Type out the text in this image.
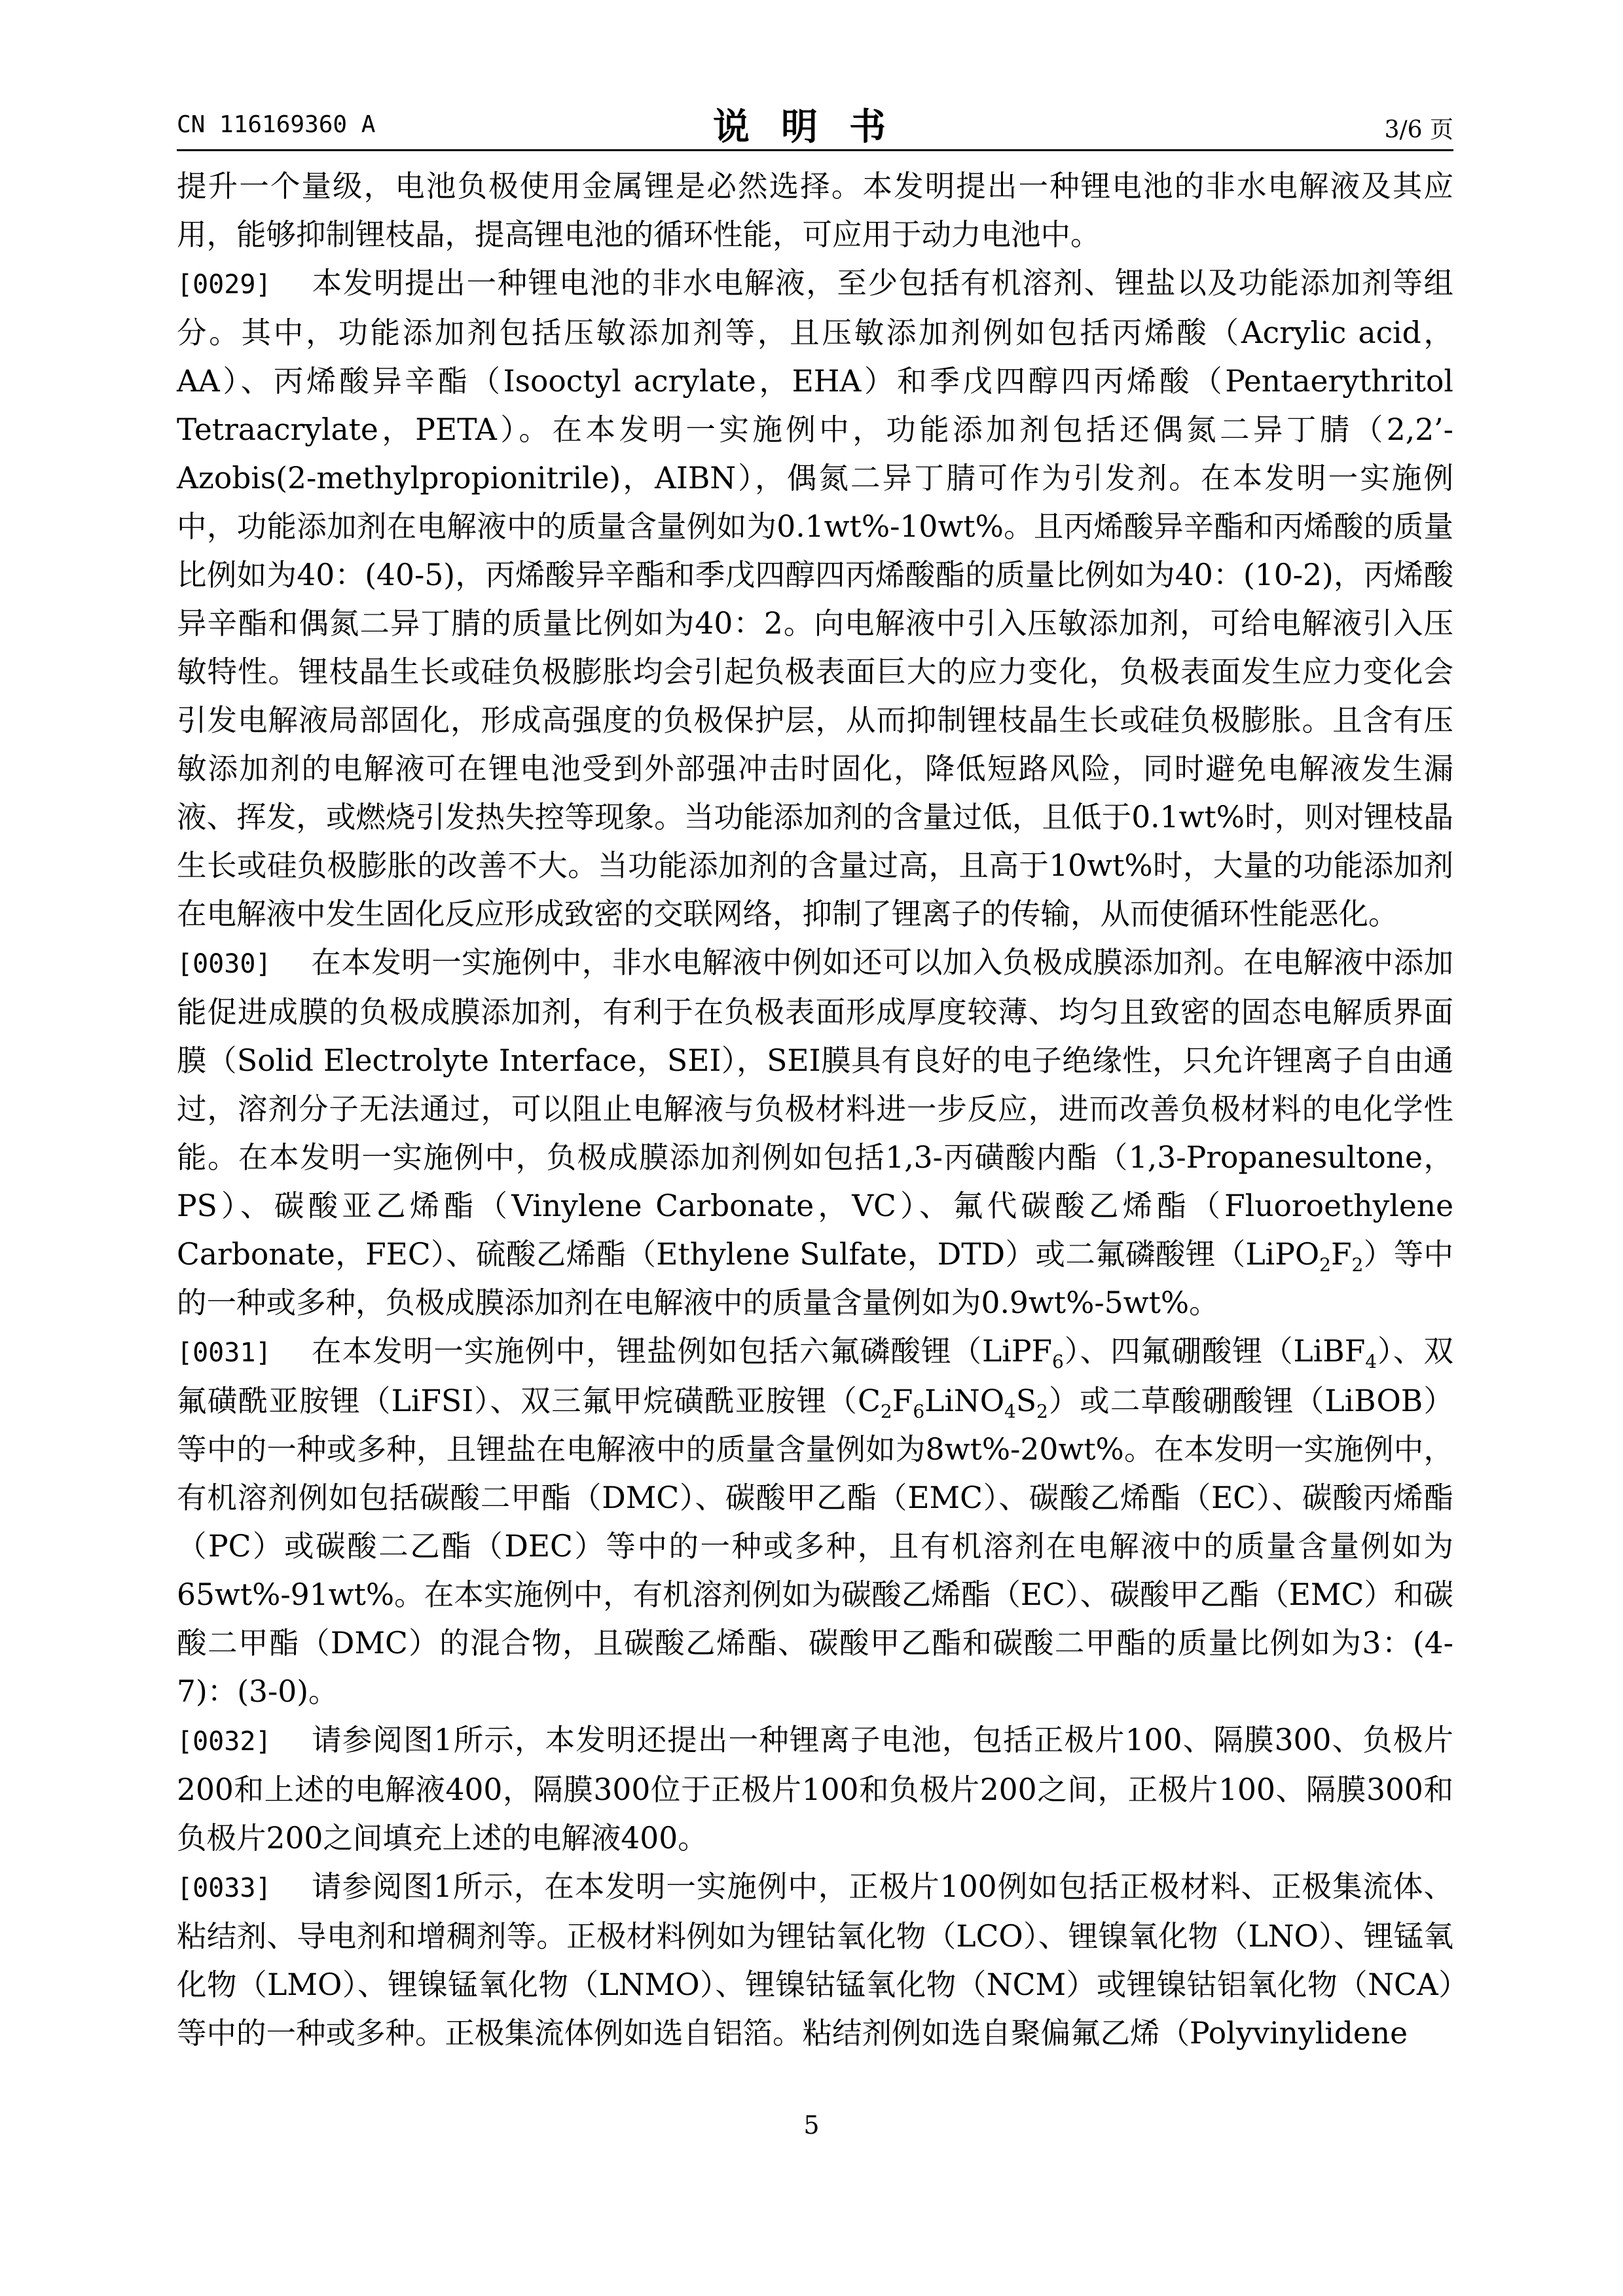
CN 116169360 A	说明书	3/6 页

提升一个量级，电池负极使用金属锂是必然选择。本发明提出一种锂电池的非水电解液及其应用，能够抑制锂枝晶，提高锂电池的循环性能，可应用于动力电池中。

[0029] 本发明提出一种锂电池的非水电解液，至少包括有机溶剂、锂盐以及功能添加剂等组分。其中，功能添加剂包括压敏添加剂等，且压敏添加剂例如包括丙烯酸（Acrylic acid，AA）、丙烯酸异辛酯（Isooctyl acrylate，EHA）和季戊四醇四丙烯酸（Pentaerythritol Tetraacrylate，PETA）。在本发明一实施例中，功能添加剂包括还偶氮二异丁腈（2,2’-Azobis(2-methylpropionitrile)，AIBN），偶氮二异丁腈可作为引发剂。在本发明一实施例中，功能添加剂在电解液中的质量含量例如为0.1wt%-10wt%。且丙烯酸异辛酯和丙烯酸的质量比例如为40：(40-5)，丙烯酸异辛酯和季戊四醇四丙烯酸酯的质量比例如为40：(10-2)，丙烯酸异辛酯和偶氮二异丁腈的质量比例如为40：2。向电解液中引入压敏添加剂，可给电解液引入压敏特性。锂枝晶生长或硅负极膨胀均会引起负极表面巨大的应力变化，负极表面发生应力变化会引发电解液局部固化，形成高强度的负极保护层，从而抑制锂枝晶生长或硅负极膨胀。且含有压敏添加剂的电解液可在锂电池受到外部强冲击时固化，降低短路风险，同时避免电解液发生漏液、挥发，或燃烧引发热失控等现象。当功能添加剂的含量过低，且低于0.1wt%时，则对锂枝晶生长或硅负极膨胀的改善不大。当功能添加剂的含量过高，且高于10wt%时，大量的功能添加剂在电解液中发生固化反应形成致密的交联网络，抑制了锂离子的传输，从而使循环性能恶化。

[0030] 在本发明一实施例中，非水电解液中例如还可以加入负极成膜添加剂。在电解液中添加能促进成膜的负极成膜添加剂，有利于在负极表面形成厚度较薄、均匀且致密的固态电解质界面膜（Solid Electrolyte Interface，SEI），SEI膜具有良好的电子绝缘性，只允许锂离子自由通过，溶剂分子无法通过，可以阻止电解液与负极材料进一步反应，进而改善负极材料的电化学性能。在本发明一实施例中，负极成膜添加剂例如包括1,3-丙磺酸内酯（1,3-Propanesultone，PS）、碳酸亚乙烯酯（Vinylene Carbonate，VC）、氟代碳酸乙烯酯（Fluoroethylene Carbonate，FEC）、硫酸乙烯酯（Ethylene Sulfate，DTD）或二氟磷酸锂$(LiPO_2F_2)$等中的一种或多种，负极成膜添加剂在电解液中的质量含量例如为0.9wt%-5wt%。

[0031] 在本发明一实施例中，锂盐例如包括六氟磷酸锂（LiPF$_6$）、四氟硼酸锂（LiBF$_4$）、双氟磺酰亚胺锂（LiFSI）、双三氟甲烷磺酰亚胺锂$(C_2F_6LiNO_4S_2)$或二草酸硼酸锂（LiBOB）等中的一种或多种，且锂盐在电解液中的质量含量例如为8wt%-20wt%。在本发明一实施例中，有机溶剂例如包括碳酸二甲酯（DMC）、碳酸甲乙酯（EMC）、碳酸乙烯酯（EC）、碳酸丙烯酯（PC）或碳酸二乙酯（DEC）等中的一种或多种，且有机溶剂在电解液中的质量含量例如为65wt%-91wt%。在本实施例中，有机溶剂例如为碳酸乙烯酯（EC）、碳酸甲乙酯（EMC）和碳酸二甲酯（DMC）的混合物，且碳酸乙烯酯、碳酸甲乙酯和碳酸二甲酯的质量比例如为3：(4-7)：(3-0)。

[0032] 请参阅图1所示，本发明还提出一种锂离子电池，包括正极片100、隔膜300、负极片200和上述的电解液400，隔膜300位于正极片100和负极片200之间，正极片100、隔膜300和负极片200之间填充上述的电解液400。

[0033] 请参阅图1所示，在本发明一实施例中，正极片100例如包括正极材料、正极集流体、粘结剂、导电剂和增稠剂等。正极材料例如为锂钴氧化物（LCO）、锂镍氧化物（LNO）、锂锰氧化物（LMO）、锂镍锰氧化物（LNMO）、锂镍钴锰氧化物（NCM）或锂镍钴铝氧化物（NCA）等中的一种或多种。正极集流体例如选自铝箔。粘结剂例如选自聚偏氟乙烯（Polyvinylidene

5
